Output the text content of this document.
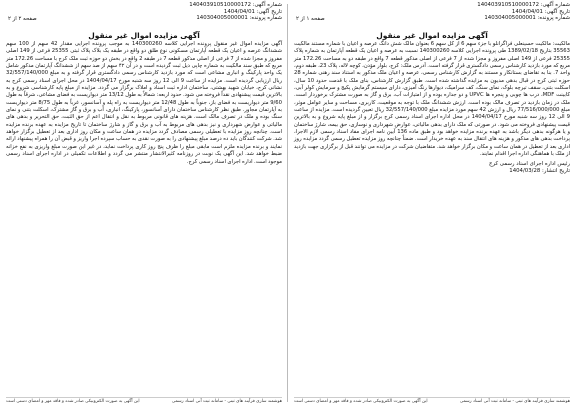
شماره آگهی: 140403910510000172
تاریخ آگهی: 1404/04/01
شماره پرونده: 140304005000001
صفحه ۲ از ۲
آگهی مزایده اموال غیر منقول

آگهی مزایده اموال غیر منقول پرونده اجرایی کلاسه 140300260 به موجب پرونده اجرایی مقدار 42 سهم از 100 سهم ششدانگ عرصه و اعیان یک قطعه آپارتمان مسکونی نوع طلق دو واقع در طبقه یک بلاک پلاک ثبتی 25355 فرعی از 149 اصلی مفروز و مجزا شده از 7 فرعی از اصلی مذکور قطعه 7 در طبقه 2 واقع در بخش دو حوزه ثبت ملک کرج با مساحت 172.26 متر مربع که طبق سند مالکیت به شماره چاپی ذیل ثبت گردیده است و در آن ۴۲ سهم از صد سهم از ششدانگ آپارتمان مذکور شامل یک واحد پارکینگ و انباری مشاعی است که مورد بازدید کارشناس رسمی دادگستری قرار گرفته و به مبلغ 32/557/140/000 ریال ارزیابی گردیده است. مزایده از ساعت 9 الی 12 روز سه شنبه مورخ 1404/04/17 در محل اجرای اسناد رسمی کرج به نشانی کرج، خیابان شهید بهشتی، ساختمان اداره ثبت اسناد و املاک برگزار می گردد. مزایده از مبلغ پایه کارشناسی شروع و به بالاترین قیمت پیشنهادی نقداً فروخته می شود. حدود اربعه: شمالاً به طول 13/12 متر دیواریست به فضای مشاعی، شرقاً به طول 9/60 متر دیواریست به فضای باز، جنوباً به طول 12/48 متر دیواریست به راه پله و آسانسور، غرباً به طول 8/75 متر دیواریست به آپارتمان مجاور. طبق نظر کارشناس ساختمان دارای آسانسور، پارکینگ، انباری، آب و برق و گاز مشترک، اسکلت بتنی و نمای سنگ بوده و ملک در تصرف مالک است. هزینه های قانونی مربوط به نقل و انتقال اعم از حق الثبت، حق التحریر و بدهی های مالیاتی و عوارض شهرداری و نیز بدهی های مربوط به آب و برق و گاز و شارژ ساختمان تا تاریخ مزایده به عهده برنده مزایده است. چنانچه روز مزایده با تعطیلی رسمی مصادف گردد مزایده در همان ساعت و مکان روز اداری بعد از تعطیل برگزار خواهد شد. شرکت کنندگان باید ده درصد مبلغ پیشنهادی را به صورت نقدی به حساب سپرده اجرا واریز و قبض آن را همراه پیشنهاد ارائه نمایند و برنده مزایده ملزم است مابقی مبلغ را ظرف پنج روز کاری پرداخت نماید، در غیر این صورت مبلغ واریزی به نفع خزانه ضبط خواهد شد. این آگهی یک نوبت در روزنامه کثیرالانتشار منتشر می گردد و اطلاعات تکمیلی در اداره اجرای اسناد رسمی موجود است. اداره اجرای اسناد رسمی کرج.

هوشمند سازی فرآیند های ثبتی - سامانه ثبت آنی اسناد رسمی
این آگهی به صورت الکترونیکی صادر شده و فاقد مهر و امضای دستی است
شماره آگهی: 140403910510000172
تاریخ آگهی: 1404/04/01
شماره پرونده: 140304005000001
صفحه ۱ از ۲
آگهی مزایده اموال غیر منقول

مالکیت: مالکیت حسینعلی فراگرانلو با جزء سهم 6 از کل سهم 6 بعنوان مالک شش دانگ عرصه و اعیان با شماره مستند مالکیت 35563 بتاریخ 1389/02/18 طی پرونده اجرایی کلاسه 140300260 نسبت به عرصه و اعیان یک قطعه آپارتمان به شماره پلاک 25355 فرعی از 149 اصلی مفروز و مجزا شده از 7 فرعی از اصلی مذکور قطعه 7 واقع در طبقه دو به مساحت 172.26 متر مربع که مورد بازدید کارشناس رسمی دادگستری قرار گرفته است. آدرس ملک: کرج، بلوار مؤذن، کوچه لاله، پلاک 23، طبقه دوم، واحد 7. بنا به تقاضای بستانکار و مستند به گزارش کارشناس رسمی، عرصه و اعیان ملک مذکور به استناد سند رهنی شماره 28 حوزه ثبتی کرج در قبال بدهی مدیون به مزایده گذاشته شده است. طبق گزارش کارشناس، بنای ملک با قدمت حدود 10 سال، اسکلت بتنی، سقف تیرچه بلوک، نمای سنگ، کف سرامیک، دیوارها رنگ آمیزی، دارای سیستم گرمایش پکیج و سرمایش کولر آبی، کابینت MDF، درب ها چوبی و پنجره ها UPVC و دو جداره بوده و از امتیازات آب، برق و گاز به صورت مشترک برخوردار است. ملک در زمان بازدید در تصرف مالک بوده است. ارزش ششدانگ ملک با توجه به موقعیت، کاربری، مساحت و سایر عوامل موثر، مبلغ 77/516/000/000 ریال و ارزش 42 سهم مورد مزایده مبلغ 32/557/140/000 ریال تعیین گردیده است. مزایده از ساعت 9 الی 12 روز سه شنبه مورخ 1404/04/17 در محل اداره اجرای اسناد رسمی کرج برگزار و از مبلغ پایه شروع و به بالاترین قیمت پیشنهادی فروخته می شود. در صورتی که ملک دارای بدهی مالیاتی، عوارض شهرداری و نوسازی، حق بیمه، شارژ ساختمان و یا هرگونه بدهی دیگر باشد به عهده برنده مزایده خواهد بود و طبق ماده 136 آیین نامه اجرای مفاد اسناد رسمی لازم الاجرا، پرداخت بدهی های مذکور و هزینه های انتقال سند به عهده خریدار است. ضمناً چنانچه روز مزایده تعطیل رسمی گردد مزایده روز اداری بعد از تعطیل در همان ساعت و مکان برگزار خواهد شد. متقاضیان شرکت در مزایده می توانند قبل از برگزاری جهت بازدید از ملک با هماهنگی اداره اجرا اقدام نمایند.

رئیس اداره اجرای اسناد رسمی کرج
تاریخ انتشار: 1404/03/28
هوشمند سازی فرآیند های ثبتی - سامانه ثبت آنی اسناد رسمی
این آگهی به صورت الکترونیکی صادر شده و فاقد مهر و امضای دستی است
